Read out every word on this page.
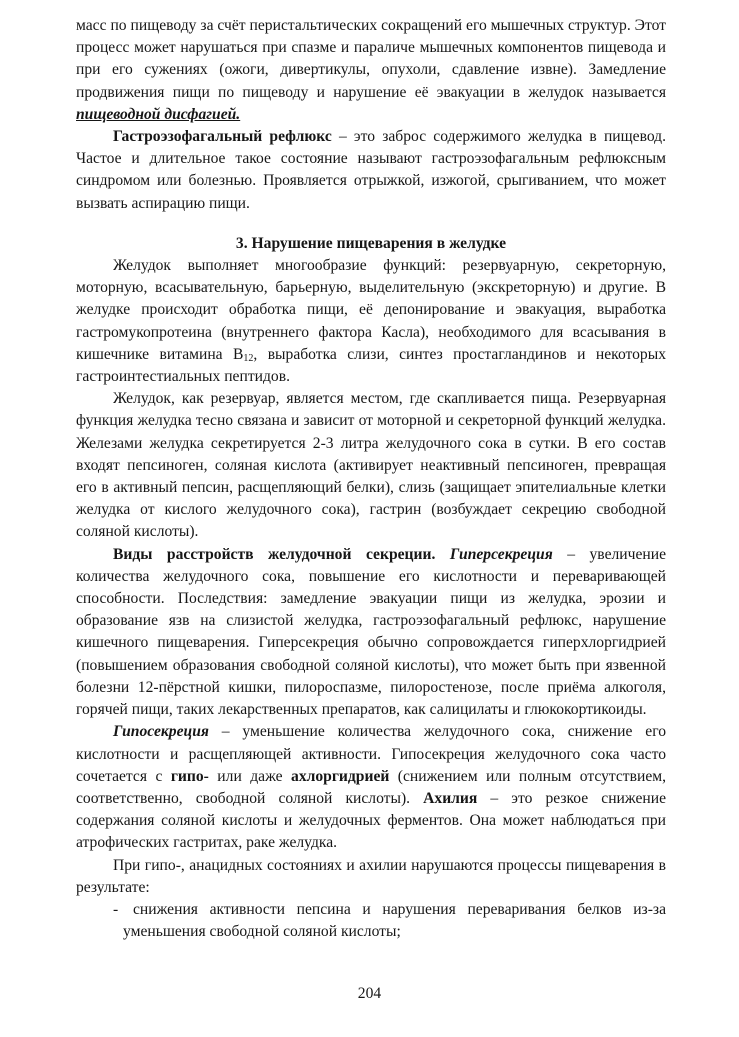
масс по пищеводу за счёт перистальтических сокращений его мышечных структур. Этот процесс может нарушаться при спазме и параличе мышечных компонентов пищевода и при его сужениях (ожоги, дивертикулы, опухоли, сдавление извне). Замедление продвижения пищи по пищеводу и нарушение её эвакуации в желудок называется пищеводной дисфагией.

Гастроэзофагальный рефлюкс – это заброс содержимого желудка в пищевод. Частое и длительное такое состояние называют гастроэзофагальным рефлюксным синдромом или болезнью. Проявляется отрыжкой, изжогой, срыгиванием, что может вызвать аспирацию пищи.

3. Нарушение пищеварения в желудке

Желудок выполняет многообразие функций: резервуарную, секреторную, моторную, всасывательную, барьерную, выделительную (экскреторную) и другие. В желудке происходит обработка пищи, её депонирование и эвакуация, выработка гастромукопротеина (внутреннего фактора Касла), необходимого для всасывания в кишечнике витамина $В_{12}$, выработка слизи, синтез простагландинов и некоторых гастроинтестиальных пептидов.

Желудок, как резервуар, является местом, где скапливается пища. Резервуарная функция желудка тесно связана и зависит от моторной и секреторной функций желудка. Железами желудка секретируется 2-3 литра желудочного сока в сутки. В его состав входят пепсиноген, соляная кислота (активирует неактивный пепсиноген, превращая его в активный пепсин, расщепляющий белки), слизь (защищает эпителиальные клетки желудка от кислого желудочного сока), гастрин (возбуждает секрецию свободной соляной кислоты).

Виды расстройств желудочной секреции. Гиперсекреция – увеличение количества желудочного сока, повышение его кислотности и переваривающей способности. Последствия: замедление эвакуации пищи из желудка, эрозии и образование язв на слизистой желудка, гастроэзофагальный рефлюкс, нарушение кишечного пищеварения. Гиперсекреция обычно сопровождается гиперхлоргидрией (повышением образования свободной соляной кислоты), что может быть при язвенной болезни 12-пёрстной кишки, пилороспазме, пилоростенозе, после приёма алкоголя, горячей пищи, таких лекарственных препаратов, как салицилаты и глюкокортикоиды.

Гипосекреция – уменьшение количества желудочного сока, снижение его кислотности и расщепляющей активности. Гипосекреция желудочного сока часто сочетается с гипо- или даже ахлоргидрией (снижением или полным отсутствием, соответственно, свободной соляной кислоты). Ахилия – это резкое снижение содержания соляной кислоты и желудочных ферментов. Она может наблюдаться при атрофических гастритах, раке желудка.

При гипо-, анацидных состояниях и ахилии нарушаются процессы пищеварения в результате:

- снижения активности пепсина и нарушения переваривания белков из-за уменьшения свободной соляной кислоты;

204
